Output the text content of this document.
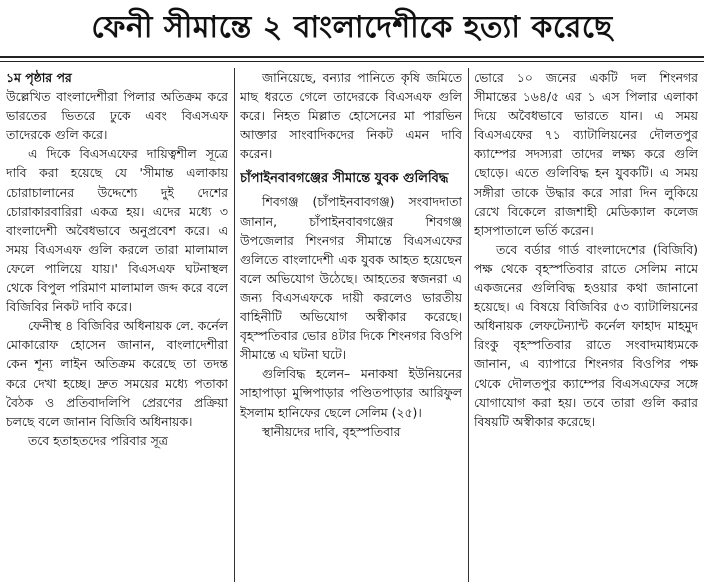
ফেনী সীমান্তে ২ বাংলাদেশীকে হত্যা করেছে
১ম পৃষ্ঠার পর

উল্লেখিত বাংলাদেশীরা পিলার অতিক্রম করে ভারতের ভিতরে ঢুকে এবং বিএসএফ তাদেরকে গুলি করে।

এ দিকে বিএসএফের দায়িত্বশীল সূত্রে দাবি করা হয়েছে যে 'সীমান্ত এলাকায় চোরাচালানের উদ্দেশ্যে দুই দেশের চোরাকারবারিরা একত্র হয়। এদের মধ্যে ৩ বাংলাদেশী অবৈধভাবে অনুপ্রবেশ করে। এ সময় বিএসএফ গুলি করলে তারা মালামাল ফেলে পালিয়ে যায়।' বিএসএফ ঘটনাস্থল থেকে বিপুল পরিমাণ মালামাল জব্দ করে বলে বিজিবির নিকট দাবি করে।

ফেনীস্থ ৪ বিজিবির অধিনায়ক লে. কর্নেল মোকারোফ হোসেন জানান, বাংলাদেশীরা কেন শূন্য লাইন অতিক্রম করেছে তা তদন্ত করে দেখা হচ্ছে। দ্রুত সময়ের মধ্যে পতাকা বৈঠক ও প্রতিবাদলিপি প্রেরণের প্রক্রিয়া চলছে বলে জানান বিজিবি অধিনায়ক।

তবে হতাহতদের পরিবার সূত্র

জানিয়েছে, বন্যার পানিতে কৃষি জমিতে মাছ ধরতে গেলে তাদেরকে বিএসএফ গুলি করে। নিহত মিল্লাত হোসেনের মা পারভিন আক্তার সাংবাদিকদের নিকট এমন দাবি করেন।

চাঁপাইনবাবগঞ্জের সীমান্তে যুবক গুলিবিদ্ধ

শিবগঞ্জ (চাঁপাইনবাবগঞ্জ) সংবাদদাতা জানান, চাঁপাইনবাবগঞ্জের শিবগঞ্জ উপজেলার শিংনগর সীমান্তে বিএসএফের গুলিতে বাংলাদেশী এক যুবক আহত হয়েছেন বলে অভিযোগ উঠেছে। আহতের স্বজনরা এ জন্য বিএসএফকে দায়ী করলেও ভারতীয় বাহিনীটি অভিযোগ অস্বীকার করেছে। বৃহস্পতিবার ভোর ৪টার দিকে শিংনগর বিওপি সীমান্তে এ ঘটনা ঘটে।

গুলিবিদ্ধ হলেন– মনাকষা ইউনিয়নের সাহাপাড়া মুন্সিপাড়ার পণ্ডিতপাড়ার আরিফুল ইসলাম হানিফের ছেলে সেলিম (২৫)।

স্থানীয়দের দাবি, বৃহস্পতিবার

ভোরে ১০ জনের একটি দল শিংনগর সীমান্তের ১৬৪/৫ এর ১ এস পিলার এলাকা দিয়ে অবৈধভাবে ভারতে যান। এ সময় বিএসএফের ৭১ ব্যাটালিয়নের দৌলতপুর ক্যাম্পের সদস্যরা তাদের লক্ষ্য করে গুলি ছোড়ে। এতে গুলিবিদ্ধ হন যুবকটি। এ সময় সঙ্গীরা তাকে উদ্ধার করে সারা দিন লুকিয়ে রেখে বিকেলে রাজশাহী মেডিক্যাল কলেজ হাসপাতালে ভর্তি করেন।

তবে বর্ডার গার্ড বাংলাদেশের (বিজিবি) পক্ষ থেকে বৃহস্পতিবার রাতে সেলিম নামে একজনের গুলিবিদ্ধ হওয়ার কথা জানানো হয়েছে। এ বিষয়ে বিজিবির ৫৩ ব্যাটালিয়নের অধিনায়ক লেফটেন্যান্ট কর্নেল ফাহাদ মাহমুদ রিংকু বৃহস্পতিবার রাতে সংবাদমাধ্যমকে জানান, এ ব্যাপারে শিংনগর বিওপির পক্ষ থেকে দৌলতপুর ক্যাম্পের বিএসএফের সঙ্গে যোগাযোগ করা হয়। তবে তারা গুলি করার বিষয়টি অস্বীকার করেছে।
